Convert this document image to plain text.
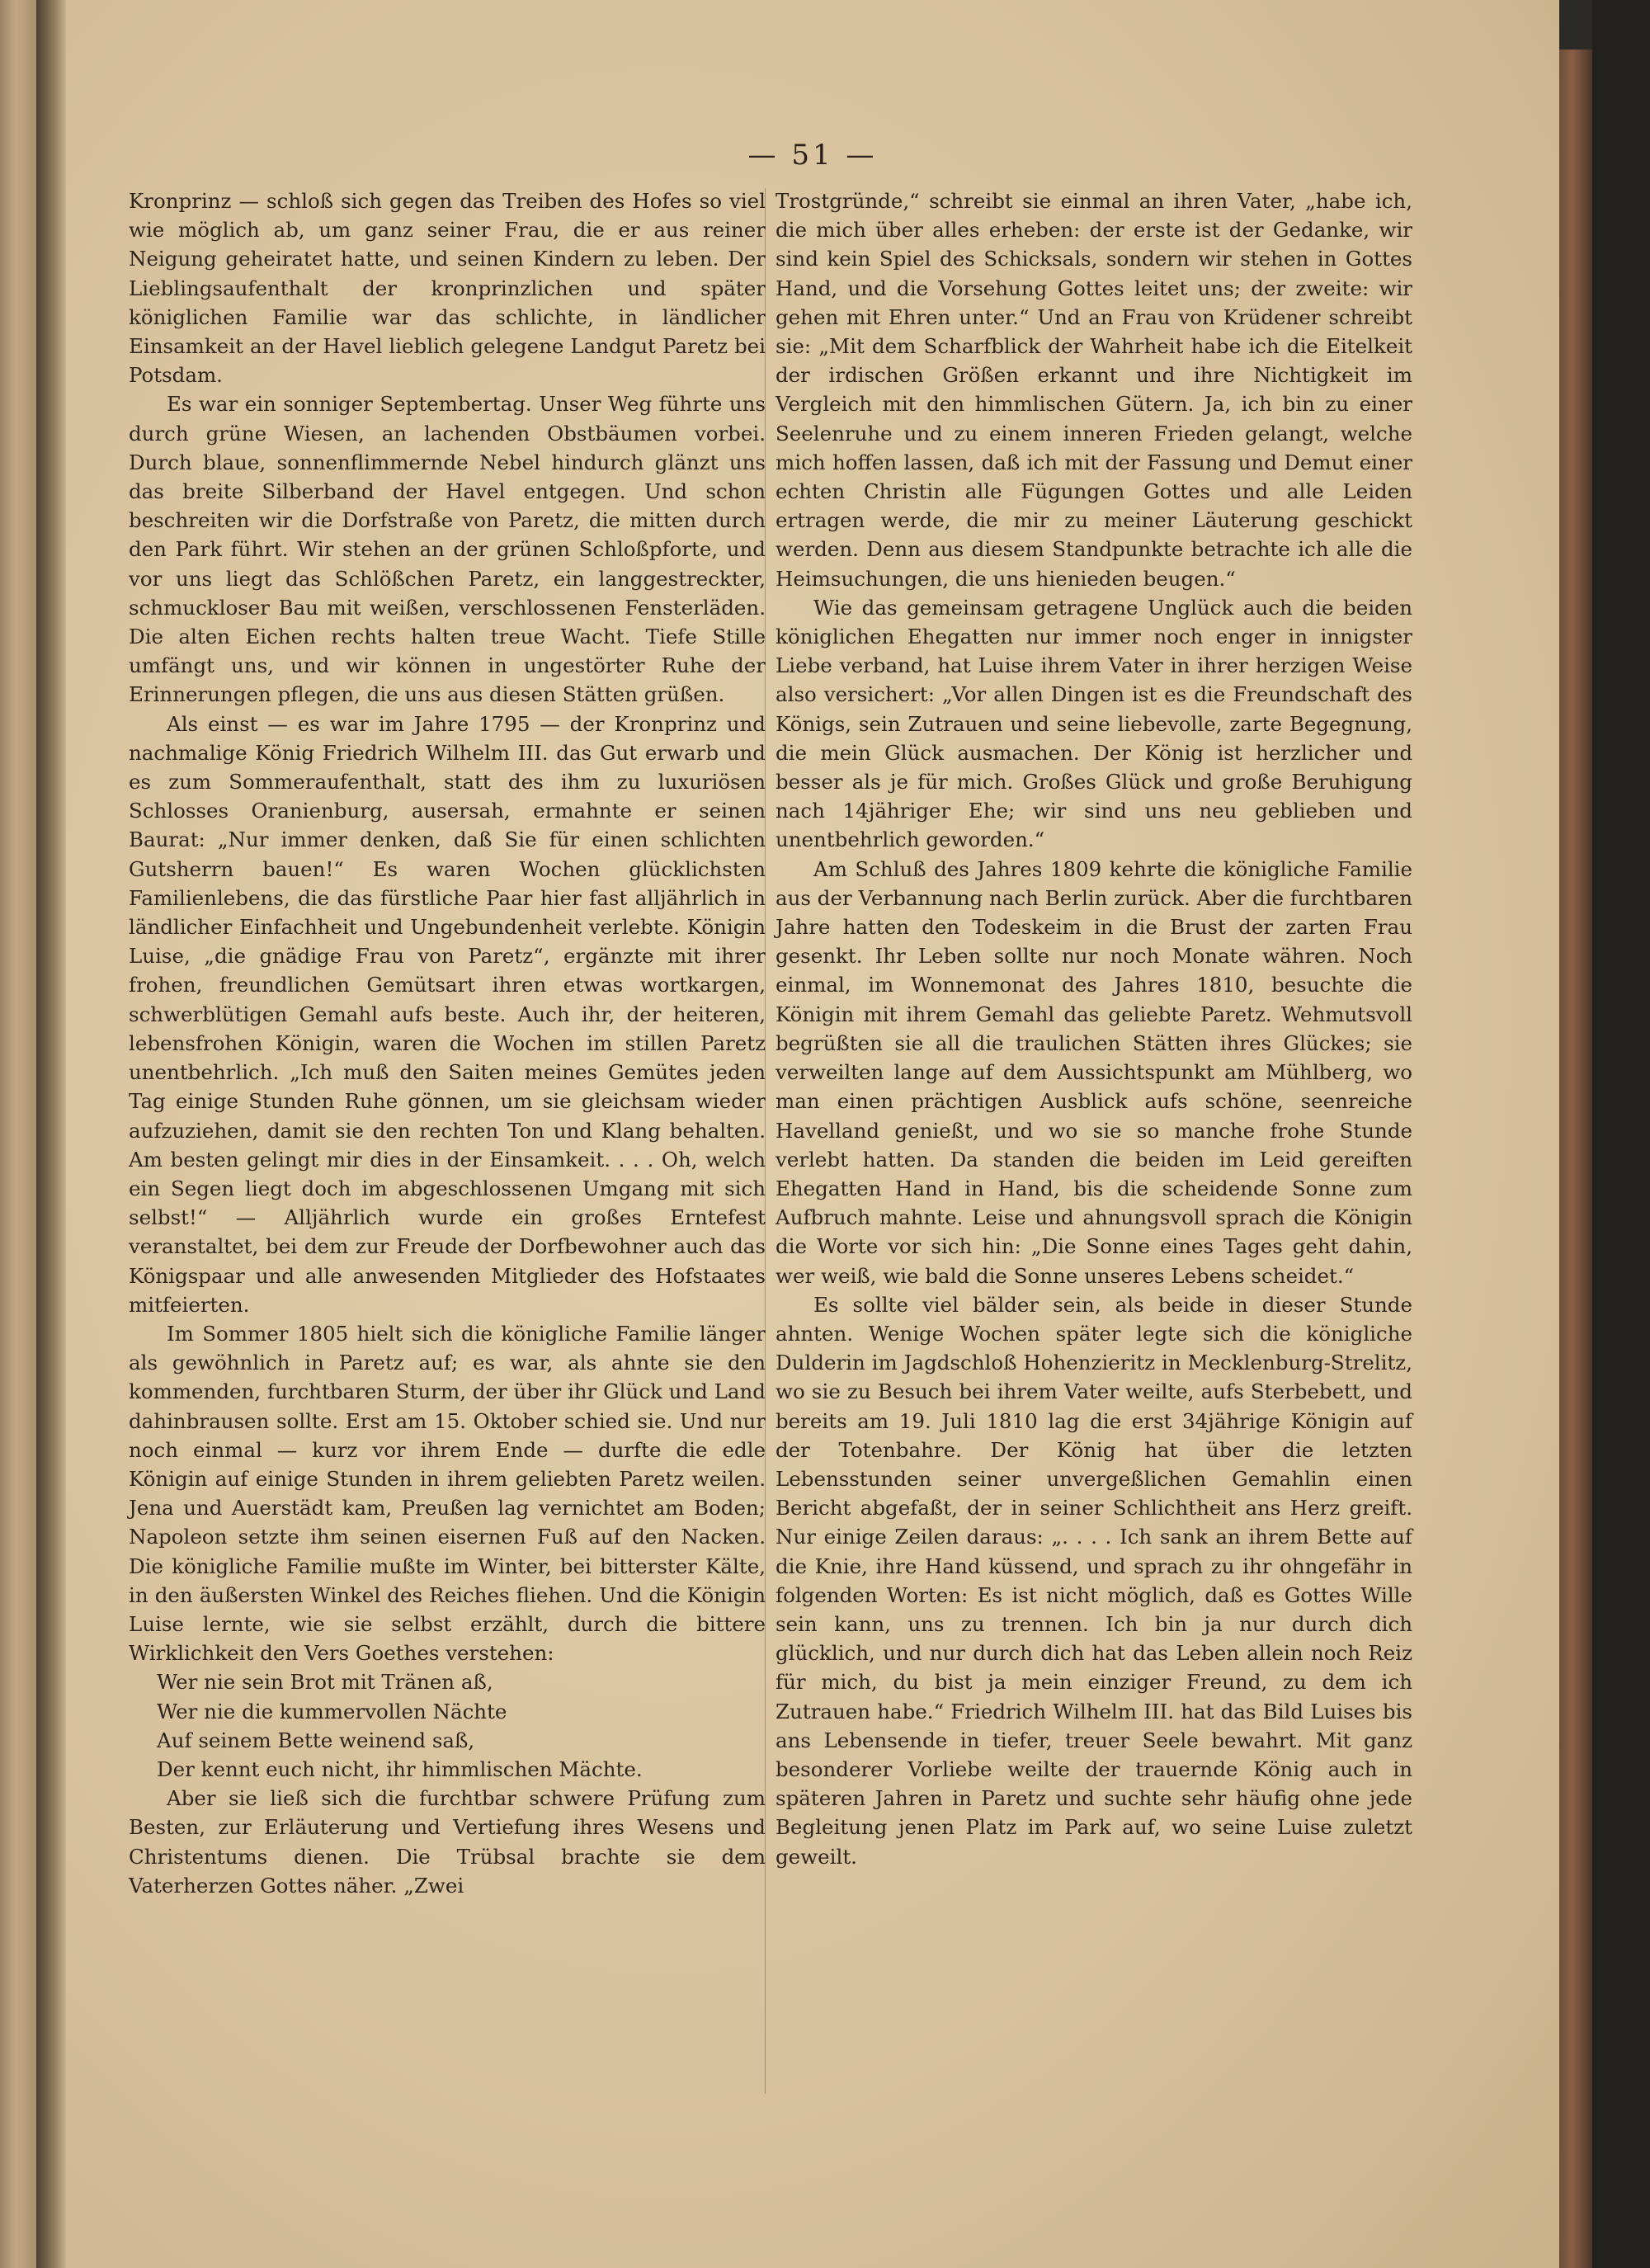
— 51 —

Kronprinz — schloß sich gegen das Treiben des Hofes so viel wie möglich ab, um ganz seiner Frau, die er aus reiner Neigung geheiratet hatte, und seinen Kindern zu leben. Der Lieblingsaufenthalt der kronprinzlichen und später königlichen Familie war das schlichte, in ländlicher Einsamkeit an der Havel lieblich gelegene Landgut Paretz bei Potsdam.

Es war ein sonniger Septembertag. Unser Weg führte uns durch grüne Wiesen, an lachenden Obstbäumen vorbei. Durch blaue, sonnenflimmernde Nebel hindurch glänzt uns das breite Silberband der Havel entgegen. Und schon beschreiten wir die Dorfstraße von Paretz, die mitten durch den Park führt. Wir stehen an der grünen Schloßpforte, und vor uns liegt das Schlößchen Paretz, ein langgestreckter, schmuckloser Bau mit weißen, verschlossenen Fensterläden. Die alten Eichen rechts halten treue Wacht. Tiefe Stille umfängt uns, und wir können in ungestörter Ruhe der Erinnerungen pflegen, die uns aus diesen Stätten grüßen.

Als einst — es war im Jahre 1795 — der Kronprinz und nachmalige König Friedrich Wilhelm III. das Gut erwarb und es zum Sommeraufenthalt, statt des ihm zu luxuriösen Schlosses Oranienburg, ausersah, ermahnte er seinen Baurat: „Nur immer denken, daß Sie für einen schlichten Gutsherrn bauen!“ Es waren Wochen glücklichsten Familienlebens, die das fürstliche Paar hier fast alljährlich in ländlicher Einfachheit und Ungebundenheit verlebte. Königin Luise, „die gnädige Frau von Paretz“, ergänzte mit ihrer frohen, freundlichen Gemütsart ihren etwas wortkargen, schwerblütigen Gemahl aufs beste. Auch ihr, der heiteren, lebensfrohen Königin, waren die Wochen im stillen Paretz unentbehrlich. „Ich muß den Saiten meines Gemütes jeden Tag einige Stunden Ruhe gönnen, um sie gleichsam wieder aufzuziehen, damit sie den rechten Ton und Klang behalten. Am besten gelingt mir dies in der Einsamkeit. . . . Oh, welch ein Segen liegt doch im abgeschlossenen Umgang mit sich selbst!“ — Alljährlich wurde ein großes Erntefest veranstaltet, bei dem zur Freude der Dorfbewohner auch das Königspaar und alle anwesenden Mitglieder des Hofstaates mitfeierten.

Im Sommer 1805 hielt sich die königliche Familie länger als gewöhnlich in Paretz auf; es war, als ahnte sie den kommenden, furchtbaren Sturm, der über ihr Glück und Land dahinbrausen sollte. Erst am 15. Oktober schied sie. Und nur noch einmal — kurz vor ihrem Ende — durfte die edle Königin auf einige Stunden in ihrem geliebten Paretz weilen. Jena und Auerstädt kam, Preußen lag vernichtet am Boden; Napoleon setzte ihm seinen eisernen Fuß auf den Nacken. Die königliche Familie mußte im Winter, bei bitterster Kälte, in den äußersten Winkel des Reiches fliehen. Und die Königin Luise lernte, wie sie selbst erzählt, durch die bittere Wirklichkeit den Vers Goethes verstehen:

Wer nie sein Brot mit Tränen aß,
Wer nie die kummervollen Nächte
Auf seinem Bette weinend saß,
Der kennt euch nicht, ihr himmlischen Mächte.

Aber sie ließ sich die furchtbar schwere Prüfung zum Besten, zur Erläuterung und Vertiefung ihres Wesens und Christentums dienen. Die Trübsal brachte sie dem Vaterherzen Gottes näher. „Zwei

Trostgründe,“ schreibt sie einmal an ihren Vater, „habe ich, die mich über alles erheben: der erste ist der Gedanke, wir sind kein Spiel des Schicksals, sondern wir stehen in Gottes Hand, und die Vorsehung Gottes leitet uns; der zweite: wir gehen mit Ehren unter.“ Und an Frau von Krüdener schreibt sie: „Mit dem Scharfblick der Wahrheit habe ich die Eitelkeit der irdischen Größen erkannt und ihre Nichtigkeit im Vergleich mit den himmlischen Gütern. Ja, ich bin zu einer Seelenruhe und zu einem inneren Frieden gelangt, welche mich hoffen lassen, daß ich mit der Fassung und Demut einer echten Christin alle Fügungen Gottes und alle Leiden ertragen werde, die mir zu meiner Läuterung geschickt werden. Denn aus diesem Standpunkte betrachte ich alle die Heimsuchungen, die uns hienieden beugen.“

Wie das gemeinsam getragene Unglück auch die beiden königlichen Ehegatten nur immer noch enger in innigster Liebe verband, hat Luise ihrem Vater in ihrer herzigen Weise also versichert: „Vor allen Dingen ist es die Freundschaft des Königs, sein Zutrauen und seine liebevolle, zarte Begegnung, die mein Glück ausmachen. Der König ist herzlicher und besser als je für mich. Großes Glück und große Beruhigung nach 14jähriger Ehe; wir sind uns neu geblieben und unentbehrlich geworden.“

Am Schluß des Jahres 1809 kehrte die königliche Familie aus der Verbannung nach Berlin zurück. Aber die furchtbaren Jahre hatten den Todeskeim in die Brust der zarten Frau gesenkt. Ihr Leben sollte nur noch Monate währen. Noch einmal, im Wonnemonat des Jahres 1810, besuchte die Königin mit ihrem Gemahl das geliebte Paretz. Wehmutsvoll begrüßten sie all die traulichen Stätten ihres Glückes; sie verweilten lange auf dem Aussichtspunkt am Mühlberg, wo man einen prächtigen Ausblick aufs schöne, seenreiche Havelland genießt, und wo sie so manche frohe Stunde verlebt hatten. Da standen die beiden im Leid gereiften Ehegatten Hand in Hand, bis die scheidende Sonne zum Aufbruch mahnte. Leise und ahnungsvoll sprach die Königin die Worte vor sich hin: „Die Sonne eines Tages geht dahin, wer weiß, wie bald die Sonne unseres Lebens scheidet.“

Es sollte viel bälder sein, als beide in dieser Stunde ahnten. Wenige Wochen später legte sich die königliche Dulderin im Jagdschloß Hohenzieritz in Mecklenburg-Strelitz, wo sie zu Besuch bei ihrem Vater weilte, aufs Sterbebett, und bereits am 19. Juli 1810 lag die erst 34jährige Königin auf der Totenbahre. Der König hat über die letzten Lebensstunden seiner unvergeßlichen Gemahlin einen Bericht abgefaßt, der in seiner Schlichtheit ans Herz greift. Nur einige Zeilen daraus: „. . . . Ich sank an ihrem Bette auf die Knie, ihre Hand küssend, und sprach zu ihr ohngefähr in folgenden Worten: Es ist nicht möglich, daß es Gottes Wille sein kann, uns zu trennen. Ich bin ja nur durch dich glücklich, und nur durch dich hat das Leben allein noch Reiz für mich, du bist ja mein einziger Freund, zu dem ich Zutrauen habe.“ Friedrich Wilhelm III. hat das Bild Luises bis ans Lebensende in tiefer, treuer Seele bewahrt. Mit ganz besonderer Vorliebe weilte der trauernde König auch in späteren Jahren in Paretz und suchte sehr häufig ohne jede Begleitung jenen Platz im Park auf, wo seine Luise zuletzt geweilt.
